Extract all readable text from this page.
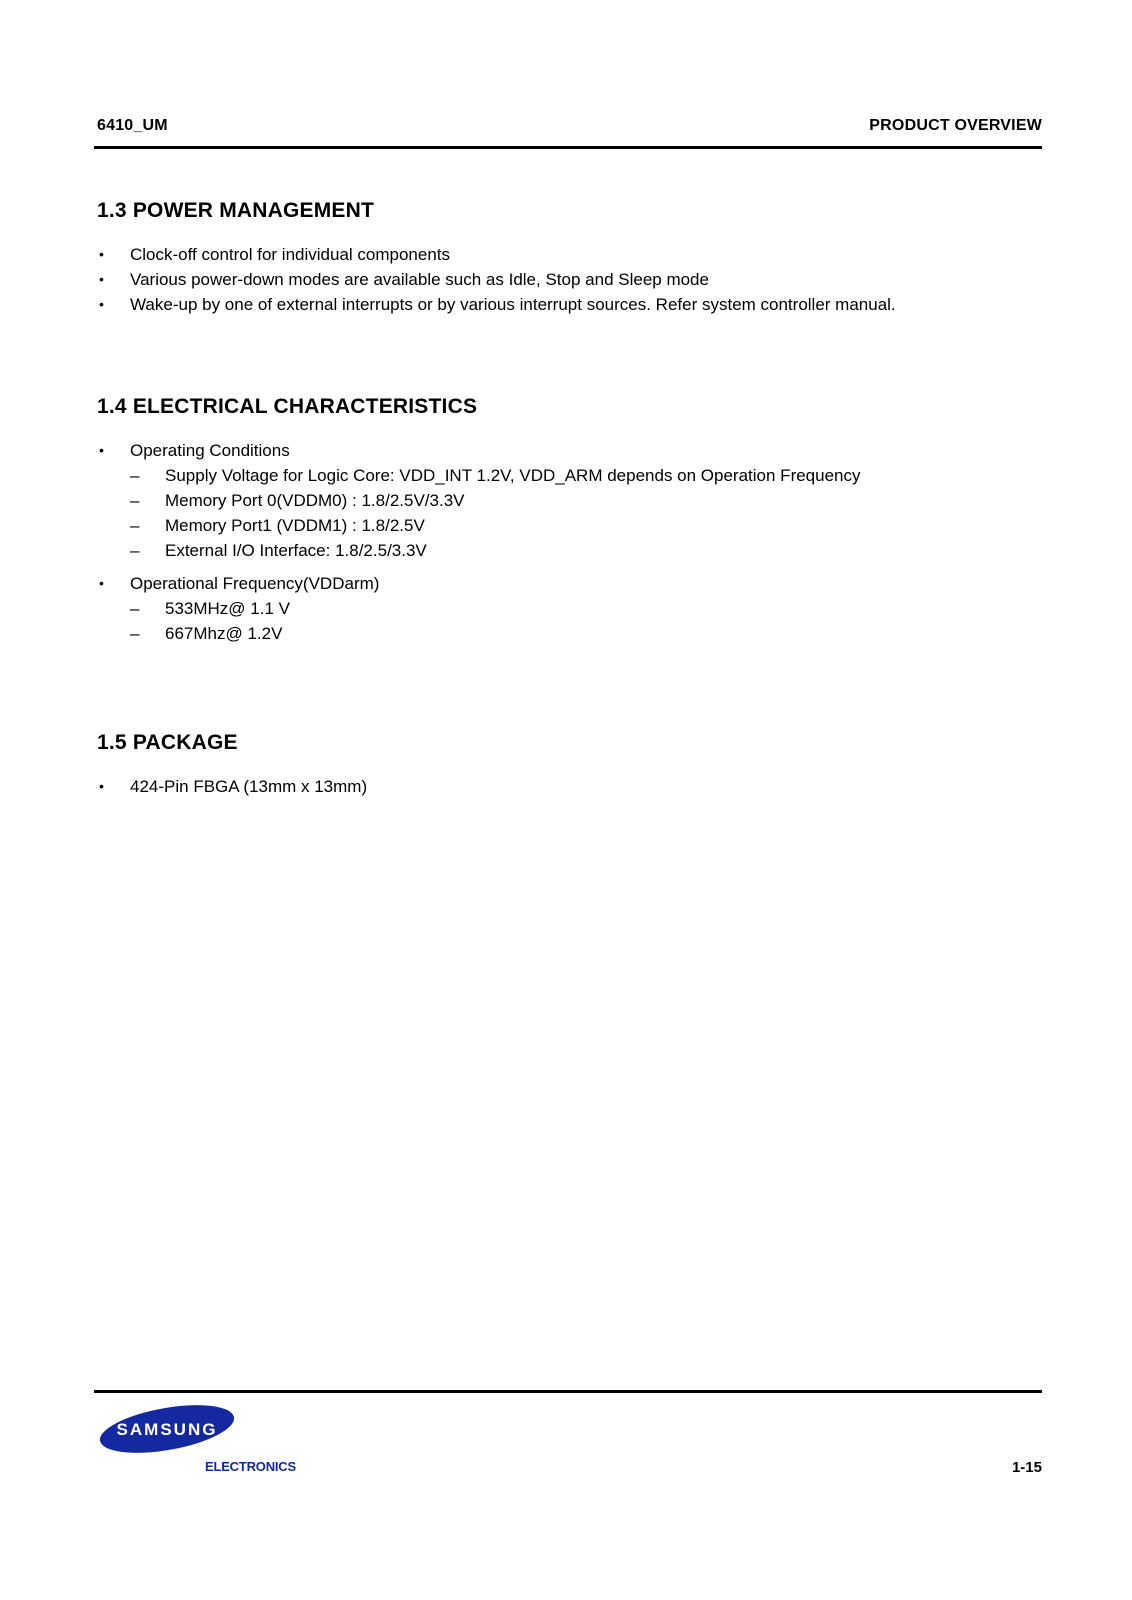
6410_UM	PRODUCT OVERVIEW
1.3 POWER MANAGEMENT
• Clock-off control for individual components
• Various power-down modes are available such as Idle, Stop and Sleep mode
• Wake-up by one of external interrupts or by various interrupt sources. Refer system controller manual.
1.4 ELECTRICAL CHARACTERISTICS
• Operating Conditions
– Supply Voltage for Logic Core: VDD_INT 1.2V, VDD_ARM depends on Operation Frequency
– Memory Port 0(VDDM0) : 1.8/2.5V/3.3V
– Memory Port1 (VDDM1) : 1.8/2.5V
– External I/O Interface: 1.8/2.5/3.3V
• Operational Frequency(VDDarm)
– 533MHz@ 1.1 V
– 667Mhz@ 1.2V
1.5 PACKAGE
• 424-Pin FBGA (13mm x 13mm)
SAMSUNG
ELECTRONICS	1-15
